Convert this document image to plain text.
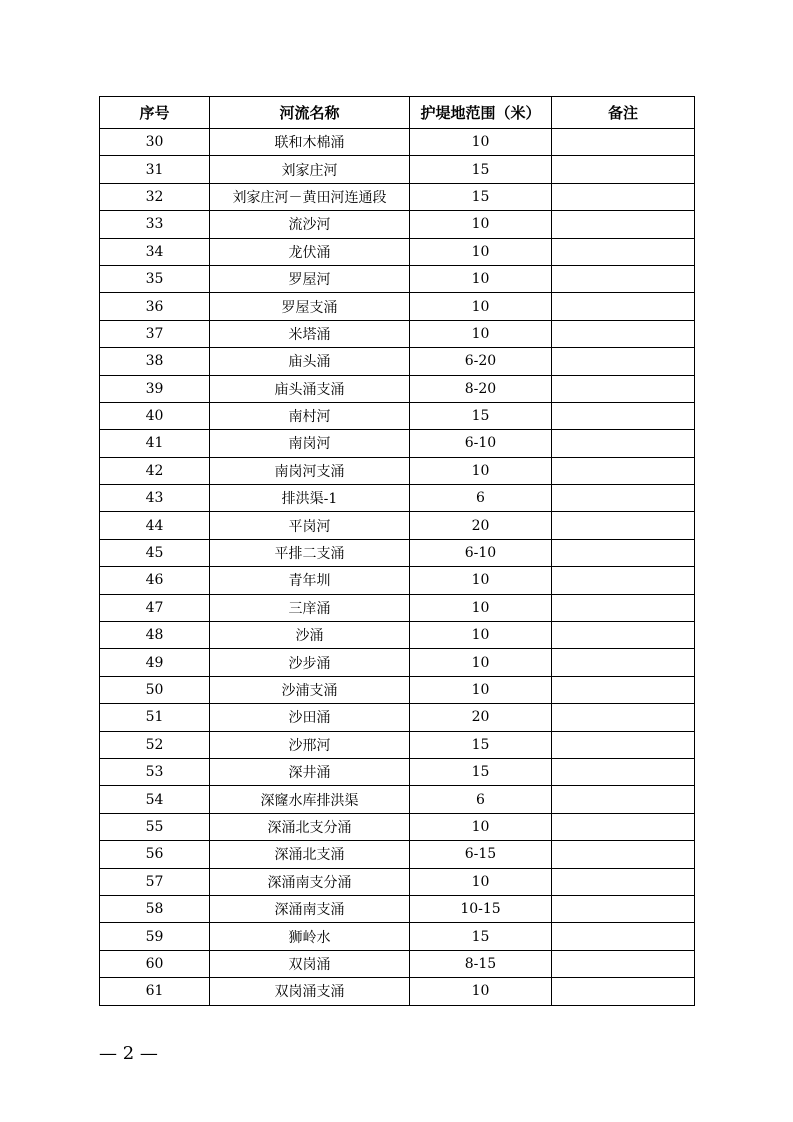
序号	河流名称	护堤地范围（米）	备注
30	联和木棉涌	10	
31	刘家庄河	15	
32	刘家庄河－黄田河连通段	15	
33	流沙河	10	
34	龙伏涌	10	
35	罗屋河	10	
36	罗屋支涌	10	
37	米塔涌	10	
38	庙头涌	6-20	
39	庙头涌支涌	8-20	
40	南村河	15	
41	南岗河	6-10	
42	南岗河支涌	10	
43	排洪渠-1	6	
44	平岗河	20	
45	平排二支涌	6-10	
46	青年圳	10	
47	三庠涌	10	
48	沙涌	10	
49	沙步涌	10	
50	沙浦支涌	10	
51	沙田涌	20	
52	沙邢河	15	
53	深井涌	15	
54	深窿水库排洪渠	6	
55	深涌北支分涌	10	
56	深涌北支涌	6-15	
57	深涌南支分涌	10	
58	深涌南支涌	10-15	
59	狮岭水	15	
60	双岗涌	8-15	
61	双岗涌支涌	10	
— 2 —
